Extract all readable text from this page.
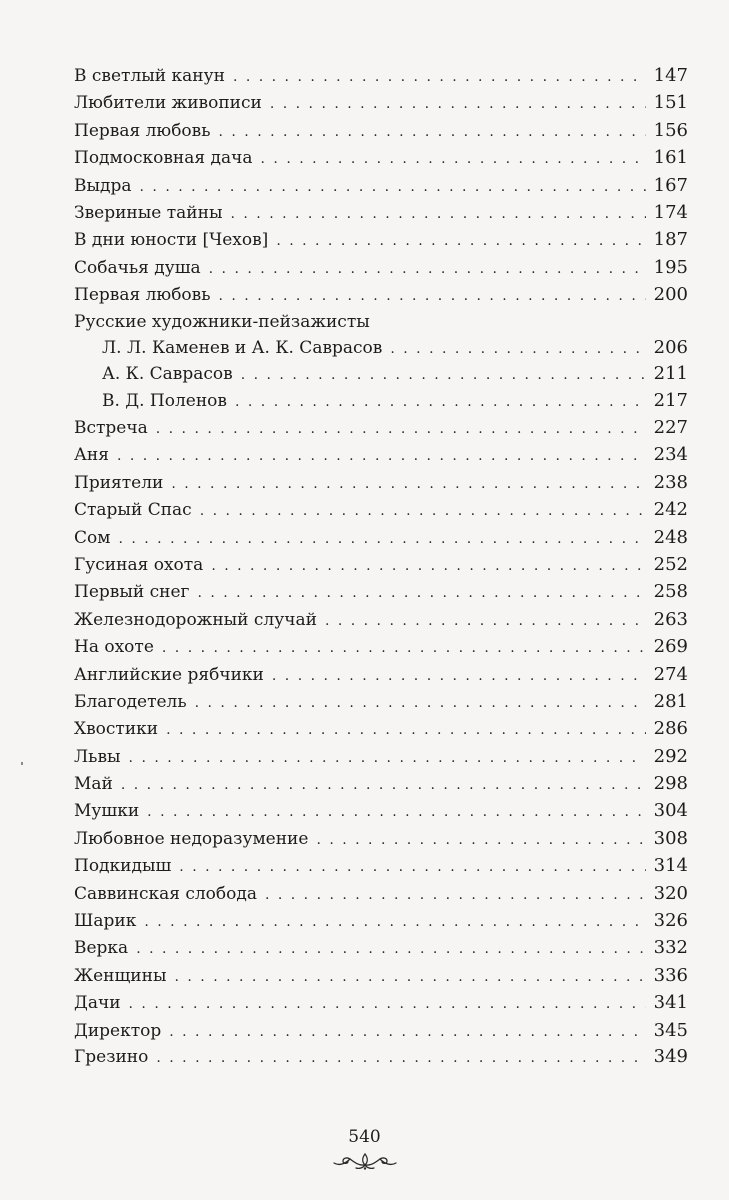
В светлый канун . . .	147
Любители живописи . . .	151
Первая любовь . . .	156
Подмосковная дача . . .	161
Выдра . . .	167
Звериные тайны . . .	174
В дни юности [Чехов] . . .	187
Собачья душа . . .	195
Первая любовь . . .	200
Русские художники-пейзажисты
Л. Л. Каменев и А. К. Саврасов . . .	206
А. К. Саврасов . . .	211
В. Д. Поленов . . .	217
Встреча . . .	227
Аня . . .	234
Приятели . . .	238
Старый Спас . . .	242
Сом . . .	248
Гусиная охота . . .	252
Первый снег . . .	258
Железнодорожный случай . . .	263
На охоте . . .	269
Английские рябчики . . .	274
Благодетель . . .	281
Хвостики . . .	286
Львы . . .	292
Май . . .	298
Мушки . . .	304
Любовное недоразумение . . .	308
Подкидыш . . .	314
Саввинская слобода . . .	320
Шарик . . .	326
Верка . . .	332
Женщины . . .	336
Дачи . . .	341
Директор . . .	345
Грезино . . .	349
540
